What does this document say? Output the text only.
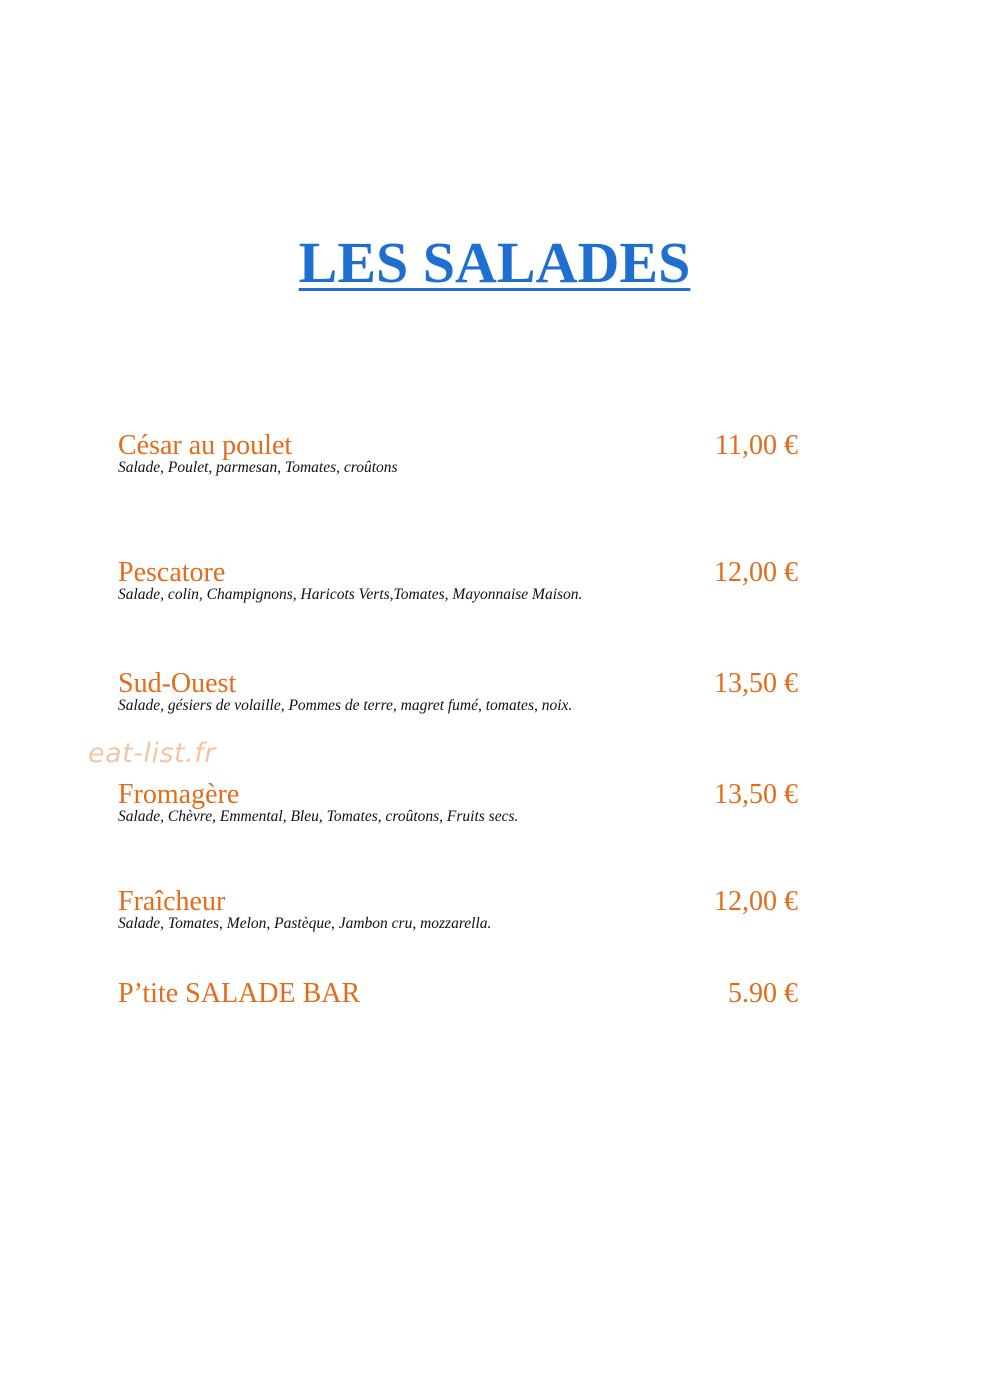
LES SALADES
César au poulet	11,00 €
Salade, Poulet, parmesan, Tomates, croûtons
Pescatore	12,00 €
Salade, colin, Champignons, Haricots Verts,Tomates, Mayonnaise Maison.
Sud-Ouest	13,50 €
Salade, gésiers de volaille, Pommes de terre, magret fumé, tomates, noix.
eat-list.fr
Fromagère	13,50 €
Salade, Chèvre, Emmental, Bleu, Tomates, croûtons, Fruits secs.
Fraîcheur	12,00 €
Salade, Tomates, Melon, Pastèque, Jambon cru, mozzarella.
P’tite SALADE BAR	5.90 €
